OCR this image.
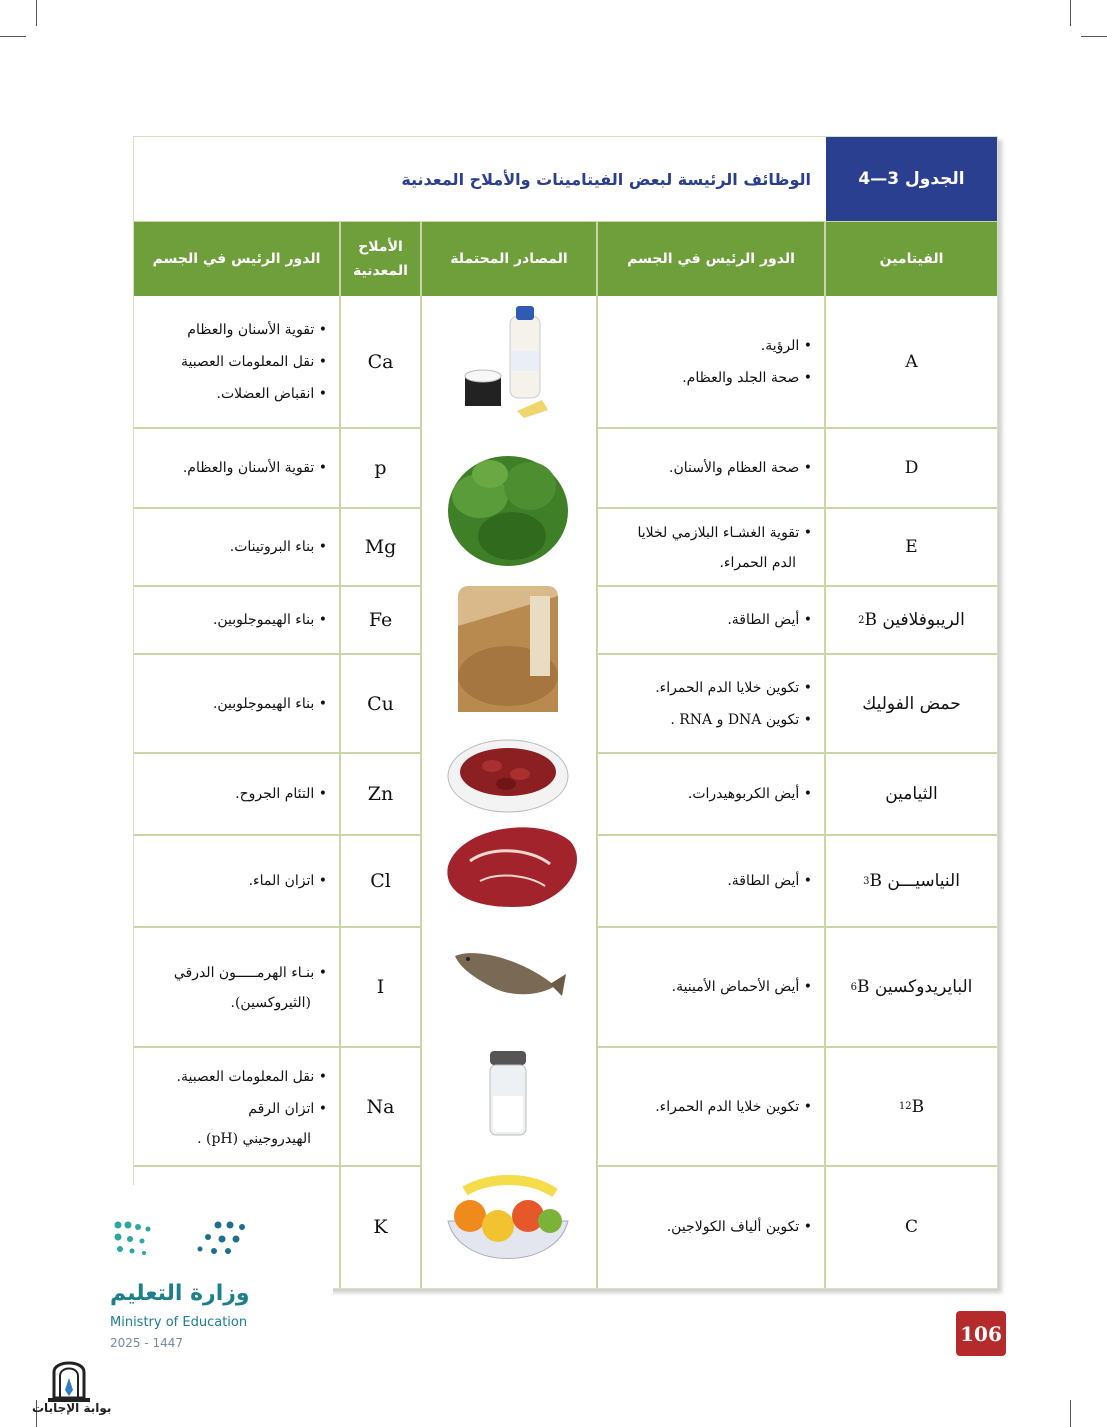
الجدول 3—4
الوظائف الرئيسة لبعض الفيتامينات والأملاح المعدنية
الفيتامين
الدور الرئيس في الجسم
المصادر المحتملة
الأملاح
المعدنية
الدور الرئيس في الجسم
A
• الرؤية.
• صحة الجلد والعظام.
Ca
• تقوية الأسنان والعظام
• نقل المعلومات العصبية
• انقباض العضلات.
D
• صحة العظام والأسنان.
p
• تقوية الأسنان والعظام.
E
• تقوية الغشـاء البلازمي لخلايا
الدم الحمراء.
Mg
• بناء البروتينات.
الريبوفلافين B
2
• أيض الطاقة.
Fe
• بناء الهيموجلوبين.
حمض الفوليك
• تكوين خلايا الدم الحمراء.
• تكوين DNA و RNA .
Cu
• بناء الهيموجلوبين.
الثيامين
• أيض الكربوهيدرات.
Zn
• التئام الجروح.
النياسيـــن B
3
• أيض الطاقة.
Cl
• اتزان الماء.
البايريدوكسين B
6
• أيض الأحماض الأمينية.
I
• بنـاء الهرمـــــون الدرقي
(الثيروكسين).
B
12
• تكوين خلايا الدم الحمراء.
Na
• نقل المعلومات العصبية.
• اتزان الرقم
الهيدروجيني (pH) .
C
• تكوين ألياف الكولاجين.
K
•
وزارة التعليم
Ministry of Education
2025 - 1447	106
بوابة الإجابات
